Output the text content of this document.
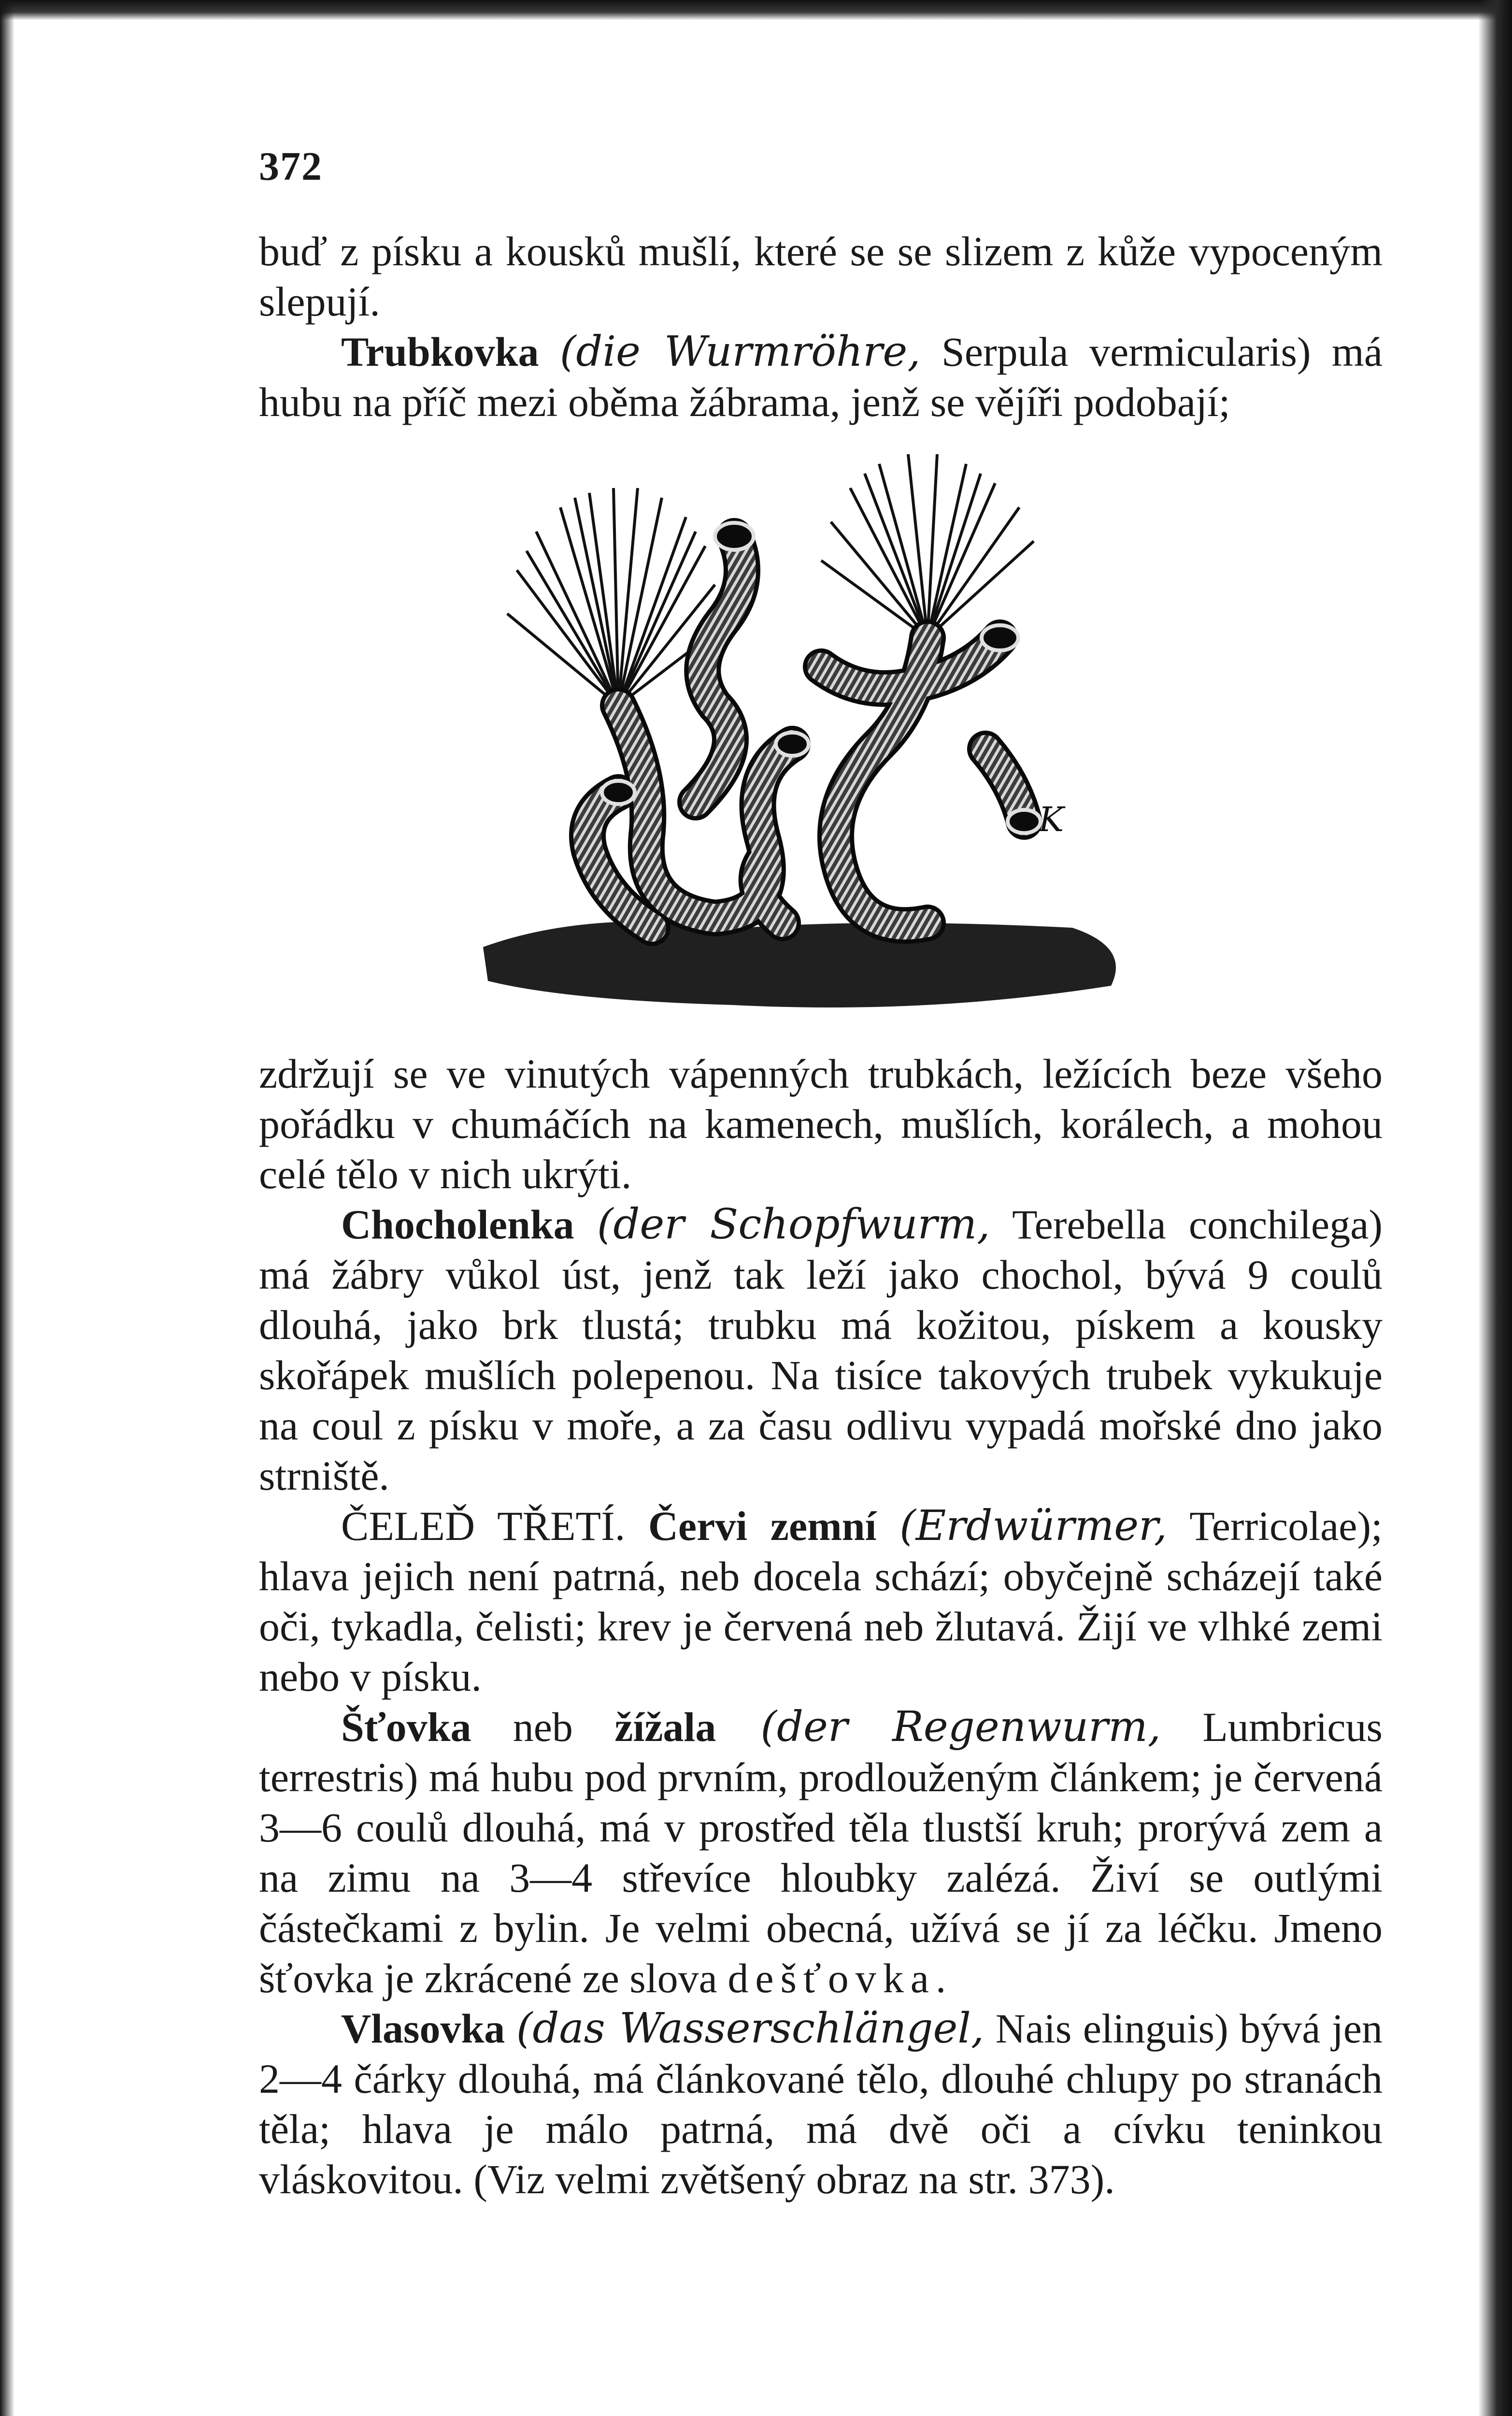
372

buď z písku a kousků mušlí, které se se slizem z kůže vypoceným slepují.

Trubkovka (die Wurmröhre, Serpula vermicularis) má hubu na příč mezi oběma žábrama, jenž se vějíři podobají;

K

zdržují se ve vinutých vápenných trubkách, ležících beze všeho pořádku v chumáčích na kamenech, mušlích, korálech, a mohou celé tělo v nich ukrýti.

Chocholenka (der Schopfwurm, Terebella conchilega) má žábry vůkol úst, jenž tak leží jako chochol, bývá 9 coulů dlouhá, jako brk tlustá; trubku má kožitou, pískem a kousky skořápek mušlích polepenou. Na tisíce takových trubek vykukuje na coul z písku v moře, a za času odlivu vypadá mořské dno jako strniště.

ČELEĎ TŘETÍ. Červi zemní (Erdwürmer, Terricolae); hlava jejich není patrná, neb docela schází; obyčejně scházejí také oči, tykadla, čelisti; krev je červená neb žlutavá. Žijí ve vlhké zemi nebo v písku.

Šťovka neb žížala (der Regenwurm, Lumbricus terrestris) má hubu pod prvním, prodlouženým článkem; je červená 3—6 coulů dlouhá, má v prostřed těla tlustší kruh; prorývá zem a na zimu na 3—4 střevíce hloubky zalézá. Živí se outlými částečkami z bylin. Je velmi obecná, užívá se jí za léčku. Jmeno šťovka je zkrácené ze slova dešťovka.

Vlasovka (das Wasserschlängel, Nais elinguis) bývá jen 2—4 čárky dlouhá, má článkované tělo, dlouhé chlupy po stranách těla; hlava je málo patrná, má dvě oči a cívku teninkou vláskovitou. (Viz velmi zvětšený obraz na str. 373).
